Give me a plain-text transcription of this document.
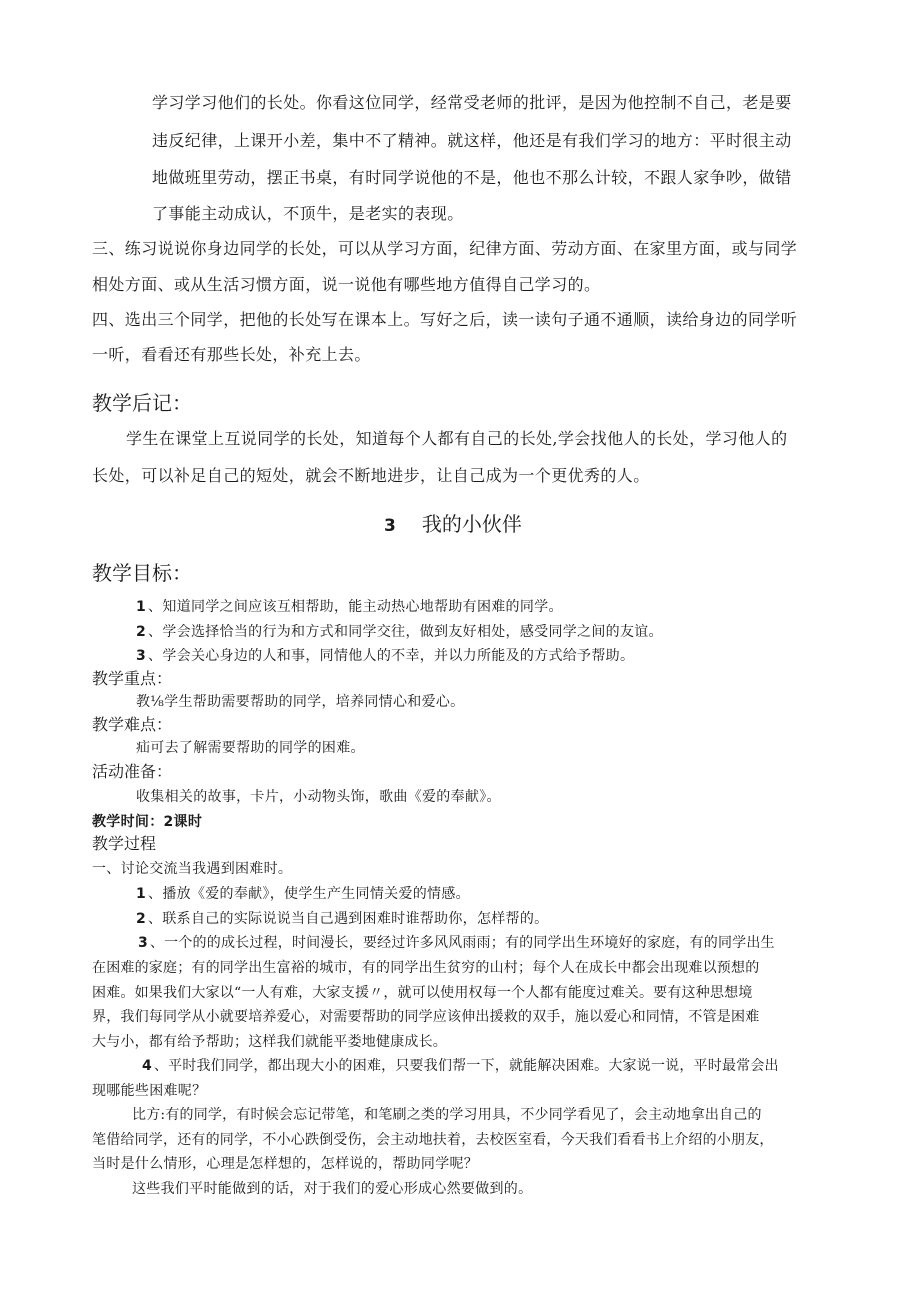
学习学习他们的长处。你看这位同学，经常受老师的批评，是因为他控制不自己，老是要

违反纪律，上课开小差，集中不了精神。就这样，他还是有我们学习的地方：平时很主动

地做班里劳动，摆正书桌，有时同学说他的不是，他也不那么计较，不跟人家争吵，做错

了事能主动成认，不顶牛，是老实的表现。

三、练习说说你身边同学的长处，可以从学习方面，纪律方面、劳动方面、在家里方面，或与同学

相处方面、或从生活习惯方面，说一说他有哪些地方值得自己学习的。

四、选出三个同学，把他的长处写在课本上。写好之后，读一读句子通不通顺，读给身边的同学听

一听，看看还有那些长处，补充上去。

教学后记：

学生在课堂上互说同学的长处，知道每个人都有自己的长处,学会找他人的长处，学习他人的

长处，可以补足自己的短处，就会不断地进步，让自己成为一个更优秀的人。

3 我的小伙伴

教学目标：

1 、知道同学之间应该互相帮助，能主动热心地帮助有困难的同学。

2 、学会选择恰当的行为和方式和同学交往，做到友好相处，感受同学之间的友谊。

3 、学会关心身边的人和事，同情他人的不幸，并以力所能及的方式给予帮助。

教学重点：

教⅛学生帮助需要帮助的同学，培养同情心和爱心。

教学难点：

疝可去了解需要帮助的同学的困难。

活动准备：

收集相关的故事，卡片，小动物头饰，歌曲《爱的奉献》。

教学时间：2课时

教学过程

一、讨论交流当我遇到困难时。

1 、播放《爱的奉献》，使学生产生同情关爱的情感。

2 、联系自己的实际说说当自己遇到困难时谁帮助你，怎样帮的。

3 、一个的的成长过程，时间漫长，要经过许多风风雨雨；有的同学出生环境好的家庭，有的同学出生

在困难的家庭；有的同学出生富裕的城市，有的同学出生贫穷的山村；每个人在成长中都会出现难以预想的

困难。如果我们大家以“一人有难，大家支援〃，就可以使用权每一个人都有能度过难关。要有这种思想境

界，我们每同学从小就要培养爱心，对需要帮助的同学应该伸出援救的双手，施以爱心和同情，不管是困难

大与小，都有给予帮助；这样我们就能平娄地健康成长。

4 、平时我们同学，都出现大小的困难，只要我们帮一下，就能解决困难。大家说一说，平时最常会出

现哪能些困难呢？

比方:有的同学，有时候会忘记带笔，和笔刷之类的学习用具，不少同学看见了，会主动地拿出自己的

笔借给同学，还有的同学，不小心跌倒受伤，会主动地扶着，去校医室看，今天我们看看书上介绍的小朋友，

当时是什么情形，心理是怎样想的，怎样说的，帮助同学呢？

这些我们平时能做到的话，对于我们的爱心形成心然要做到的。
